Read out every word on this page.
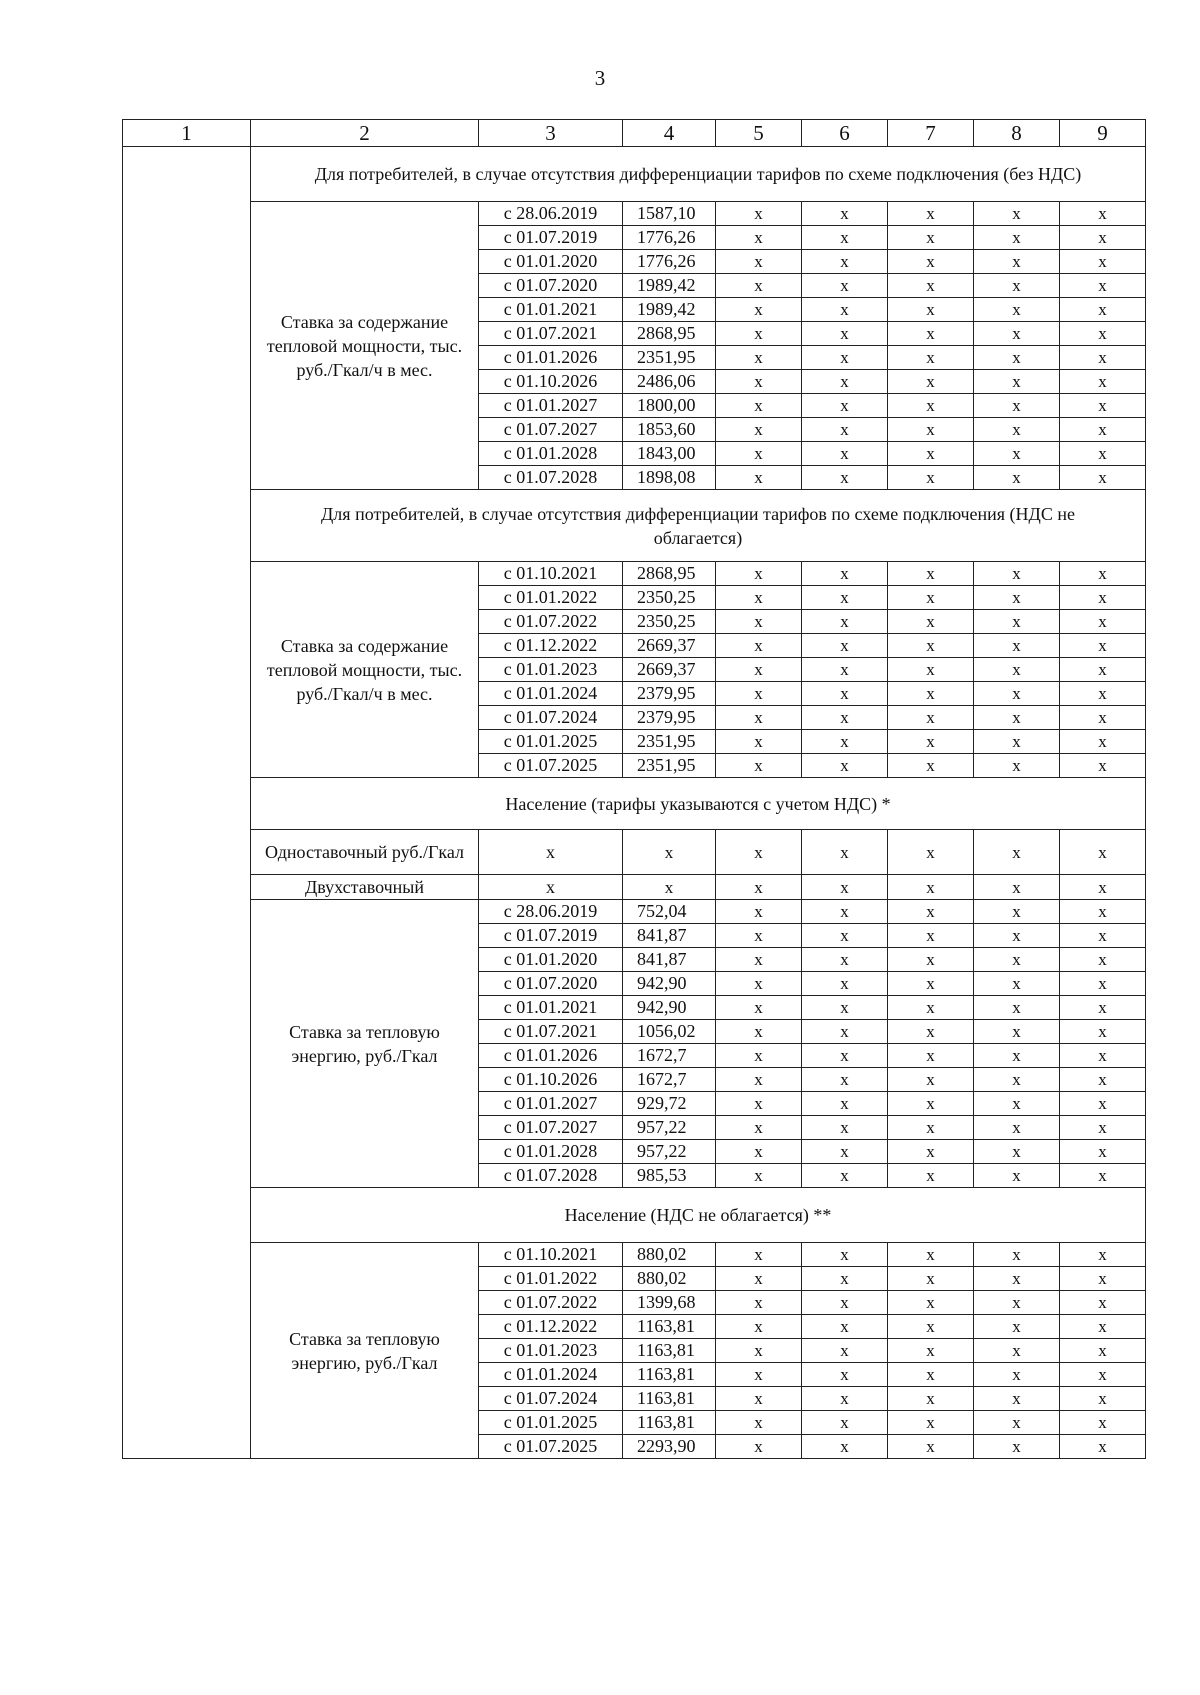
3
1	2	3	4	5	6	7	8	9
	Для потребителей, в случае отсутствия дифференциации тарифов по схеме подключения (без НДС)							
	Ставка за содержание тепловой мощности, тыс. руб./Гкал/ч в мес.	с 28.06.2019	1587,10	x	x	x	x	x
		с 01.07.2019	1776,26	x	x	x	x	x
		с 01.01.2020	1776,26	x	x	x	x	x
		с 01.07.2020	1989,42	x	x	x	x	x
		с 01.01.2021	1989,42	x	x	x	x	x
		с 01.07.2021	2868,95	x	x	x	x	x
		с 01.01.2026	2351,95	x	x	x	x	x
		с 01.10.2026	2486,06	x	x	x	x	x
		с 01.01.2027	1800,00	x	x	x	x	x
		с 01.07.2027	1853,60	x	x	x	x	x
		с 01.01.2028	1843,00	x	x	x	x	x
		с 01.07.2028	1898,08	x	x	x	x	x
	Для потребителей, в случае отсутствия дифференциации тарифов по схеме подключения (НДС не облагается)							
	Ставка за содержание тепловой мощности, тыс. руб./Гкал/ч в мес.	с 01.10.2021	2868,95	x	x	x	x	x
		с 01.01.2022	2350,25	x	x	x	x	x
		с 01.07.2022	2350,25	x	x	x	x	x
		с 01.12.2022	2669,37	x	x	x	x	x
		с 01.01.2023	2669,37	x	x	x	x	x
		с 01.01.2024	2379,95	x	x	x	x	x
		с 01.07.2024	2379,95	x	x	x	x	x
		с 01.01.2025	2351,95	x	x	x	x	x
		с 01.07.2025	2351,95	x	x	x	x	x
	Население (тарифы указываются с учетом НДС) *							
	Одноставочный руб./Гкал	x	x	x	x	x	x	x
	Двухставочный	x	x	x	x	x	x	x
	Ставка за тепловую энергию, руб./Гкал	с 28.06.2019	752,04	x	x	x	x	x
		с 01.07.2019	841,87	x	x	x	x	x
		с 01.01.2020	841,87	x	x	x	x	x
		с 01.07.2020	942,90	x	x	x	x	x
		с 01.01.2021	942,90	x	x	x	x	x
		с 01.07.2021	1056,02	x	x	x	x	x
		с 01.01.2026	1672,7	x	x	x	x	x
		с 01.10.2026	1672,7	x	x	x	x	x
		с 01.01.2027	929,72	x	x	x	x	x
		с 01.07.2027	957,22	x	x	x	x	x
		с 01.01.2028	957,22	x	x	x	x	x
		с 01.07.2028	985,53	x	x	x	x	x
	Население (НДС не облагается) **							
	Ставка за тепловую энергию, руб./Гкал	с 01.10.2021	880,02	x	x	x	x	x
		с 01.01.2022	880,02	x	x	x	x	x
		с 01.07.2022	1399,68	x	x	x	x	x
		с 01.12.2022	1163,81	x	x	x	x	x
		с 01.01.2023	1163,81	x	x	x	x	x
		с 01.01.2024	1163,81	x	x	x	x	x
		с 01.07.2024	1163,81	x	x	x	x	x
		с 01.01.2025	1163,81	x	x	x	x	x
		с 01.07.2025	2293,90	x	x	x	x	x
